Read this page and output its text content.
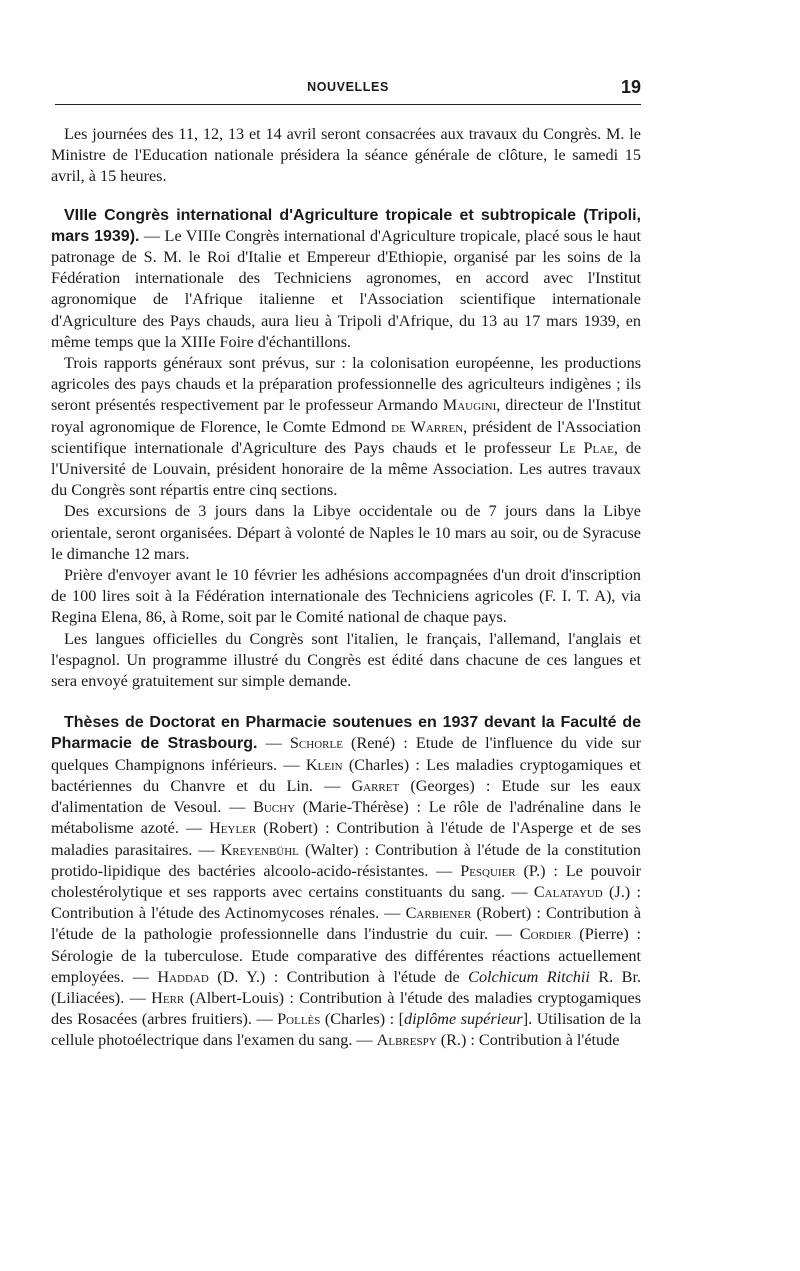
NOUVELLES	19

Les journées des 11, 12, 13 et 14 avril seront consacrées aux travaux du Congrès. M. le Ministre de l'Education nationale présidera la séance générale de clôture, le samedi 15 avril, à 15 heures.

VIIIe Congrès international d'Agriculture tropicale et subtropicale (Tripoli, mars 1939). — Le VIIIe Congrès international d'Agriculture tropicale, placé sous le haut patronage de S. M. le Roi d'Italie et Empereur d'Ethiopie, organisé par les soins de la Fédération internationale des Techniciens agronomes, en accord avec l'Institut agronomique de l'Afrique italienne et l'Association scientifique internationale d'Agriculture des Pays chauds, aura lieu à Tripoli d'Afrique, du 13 au 17 mars 1939, en même temps que la XIIIe Foire d'échantillons.

Trois rapports généraux sont prévus, sur : la colonisation européenne, les productions agricoles des pays chauds et la préparation professionnelle des agriculteurs indigènes ; ils seront présentés respectivement par le professeur Armando Maugini, directeur de l'Institut royal agronomique de Florence, le Comte Edmond de Warren, président de l'Association scientifique internationale d'Agriculture des Pays chauds et le professeur Le Plae, de l'Université de Louvain, président honoraire de la même Association. Les autres travaux du Congrès sont répartis entre cinq sections.

Des excursions de 3 jours dans la Libye occidentale ou de 7 jours dans la Libye orientale, seront organisées. Départ à volonté de Naples le 10 mars au soir, ou de Syracuse le dimanche 12 mars.

Prière d'envoyer avant le 10 février les adhésions accompagnées d'un droit d'inscription de 100 lires soit à la Fédération internationale des Techniciens agricoles (F. I. T. A), via Regina Elena, 86, à Rome, soit par le Comité national de chaque pays.

Les langues officielles du Congrès sont l'italien, le français, l'allemand, l'anglais et l'espagnol. Un programme illustré du Congrès est édité dans chacune de ces langues et sera envoyé gratuitement sur simple demande.

Thèses de Doctorat en Pharmacie soutenues en 1937 devant la Faculté de Pharmacie de Strasbourg. — Schorle (René) : Etude de l'influence du vide sur quelques Champignons inférieurs. — Klein (Charles) : Les maladies cryptogamiques et bactériennes du Chanvre et du Lin. — Garret (Georges) : Etude sur les eaux d'alimentation de Vesoul. — Buchy (Marie-Thérèse) : Le rôle de l'adrénaline dans le métabolisme azoté. — Heyler (Robert) : Contribution à l'étude de l'Asperge et de ses maladies parasitaires. — Kreyenbühl (Walter) : Contribution à l'étude de la constitution protido-lipidique des bactéries alcoolo-acido-résistantes. — Pesquier (P.) : Le pouvoir cholestérolytique et ses rapports avec certains constituants du sang. — Calatayud (J.) : Contribution à l'étude des Actinomycoses rénales. — Carbiener (Robert) : Contribution à l'étude de la pathologie professionnelle dans l'industrie du cuir. — Cordier (Pierre) : Sérologie de la tuberculose. Etude comparative des différentes réactions actuellement employées. — Haddad (D. Y.) : Contribution à l'étude de Colchicum Ritchii R. Br. (Liliacées). — Herr (Albert-Louis) : Contribution à l'étude des maladies cryptogamiques des Rosacées (arbres fruitiers). — Pollès (Charles) : [diplôme supérieur]. Utilisation de la cellule photoélectrique dans l'examen du sang. — Albrespy (R.) : Contribution à l'étude
